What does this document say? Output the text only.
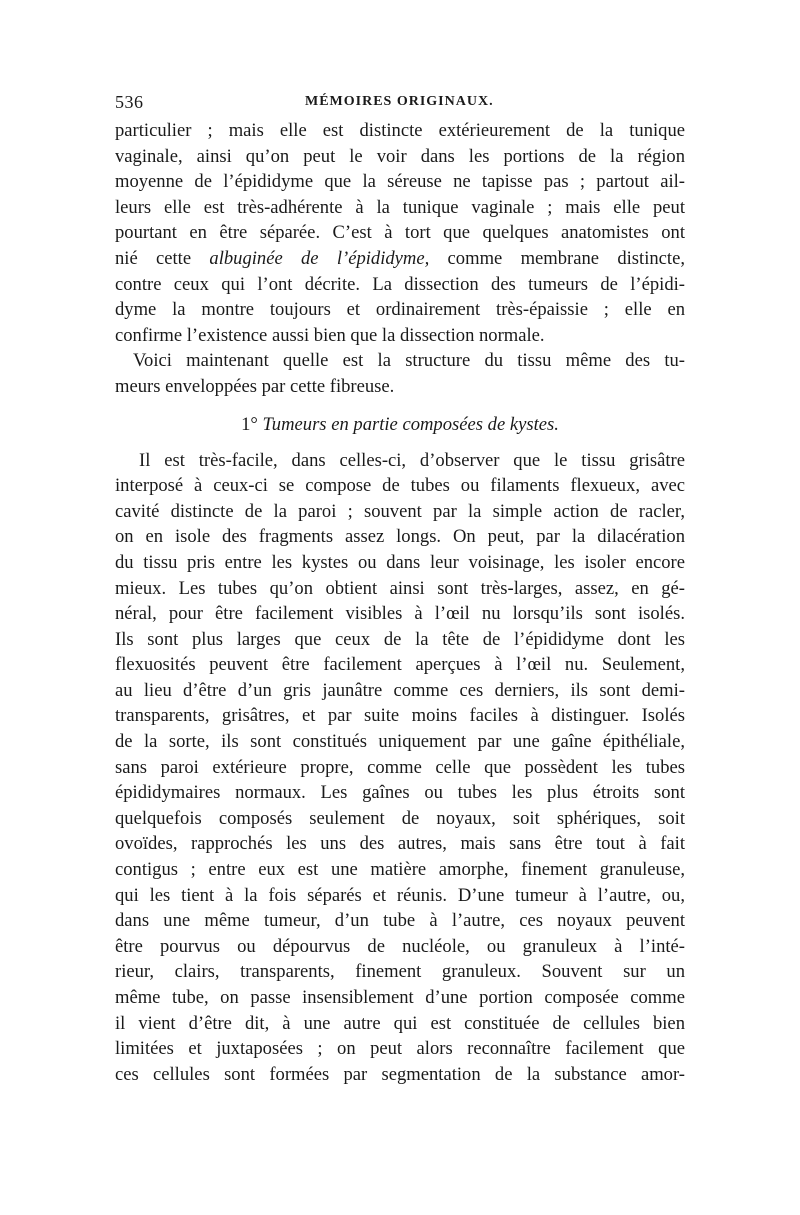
536	MÉMOIRES ORIGINAUX.
particulier ; mais elle est distincte extérieurement de la tunique
vaginale, ainsi qu’on peut le voir dans les portions de la région
moyenne de l’épididyme que la séreuse ne tapisse pas ; partout ail-
leurs elle est très-adhérente à la tunique vaginale ; mais elle peut
pourtant en être séparée. C’est à tort que quelques anatomistes ont
nié cette albuginée de l’épididyme, comme membrane distincte,
contre ceux qui l’ont décrite. La dissection des tumeurs de l’épidi-
dyme la montre toujours et ordinairement très-épaissie ; elle en
confirme l’existence aussi bien que la dissection normale.
Voici maintenant quelle est la structure du tissu même des tu-
meurs enveloppées par cette fibreuse.
1° Tumeurs en partie composées de kystes.
Il est très-facile, dans celles-ci, d’observer que le tissu grisâtre
interposé à ceux-ci se compose de tubes ou filaments flexueux, avec
cavité distincte de la paroi ; souvent par la simple action de racler,
on en isole des fragments assez longs. On peut, par la dilacération
du tissu pris entre les kystes ou dans leur voisinage, les isoler encore
mieux. Les tubes qu’on obtient ainsi sont très-larges, assez, en gé-
néral, pour être facilement visibles à l’œil nu lorsqu’ils sont isolés.
Ils sont plus larges que ceux de la tête de l’épididyme dont les
flexuosités peuvent être facilement aperçues à l’œil nu. Seulement,
au lieu d’être d’un gris jaunâtre comme ces derniers, ils sont demi-
transparents, grisâtres, et par suite moins faciles à distinguer. Isolés
de la sorte, ils sont constitués uniquement par une gaîne épithéliale,
sans paroi extérieure propre, comme celle que possèdent les tubes
épididymaires normaux. Les gaînes ou tubes les plus étroits sont
quelquefois composés seulement de noyaux, soit sphériques, soit
ovoïdes, rapprochés les uns des autres, mais sans être tout à fait
contigus ; entre eux est une matière amorphe, finement granuleuse,
qui les tient à la fois séparés et réunis. D’une tumeur à l’autre, ou,
dans une même tumeur, d’un tube à l’autre, ces noyaux peuvent
être pourvus ou dépourvus de nucléole, ou granuleux à l’inté-
rieur, clairs, transparents, finement granuleux. Souvent sur un
même tube, on passe insensiblement d’une portion composée comme
il vient d’être dit, à une autre qui est constituée de cellules bien
limitées et juxtaposées ; on peut alors reconnaître facilement que
ces cellules sont formées par segmentation de la substance amor-
